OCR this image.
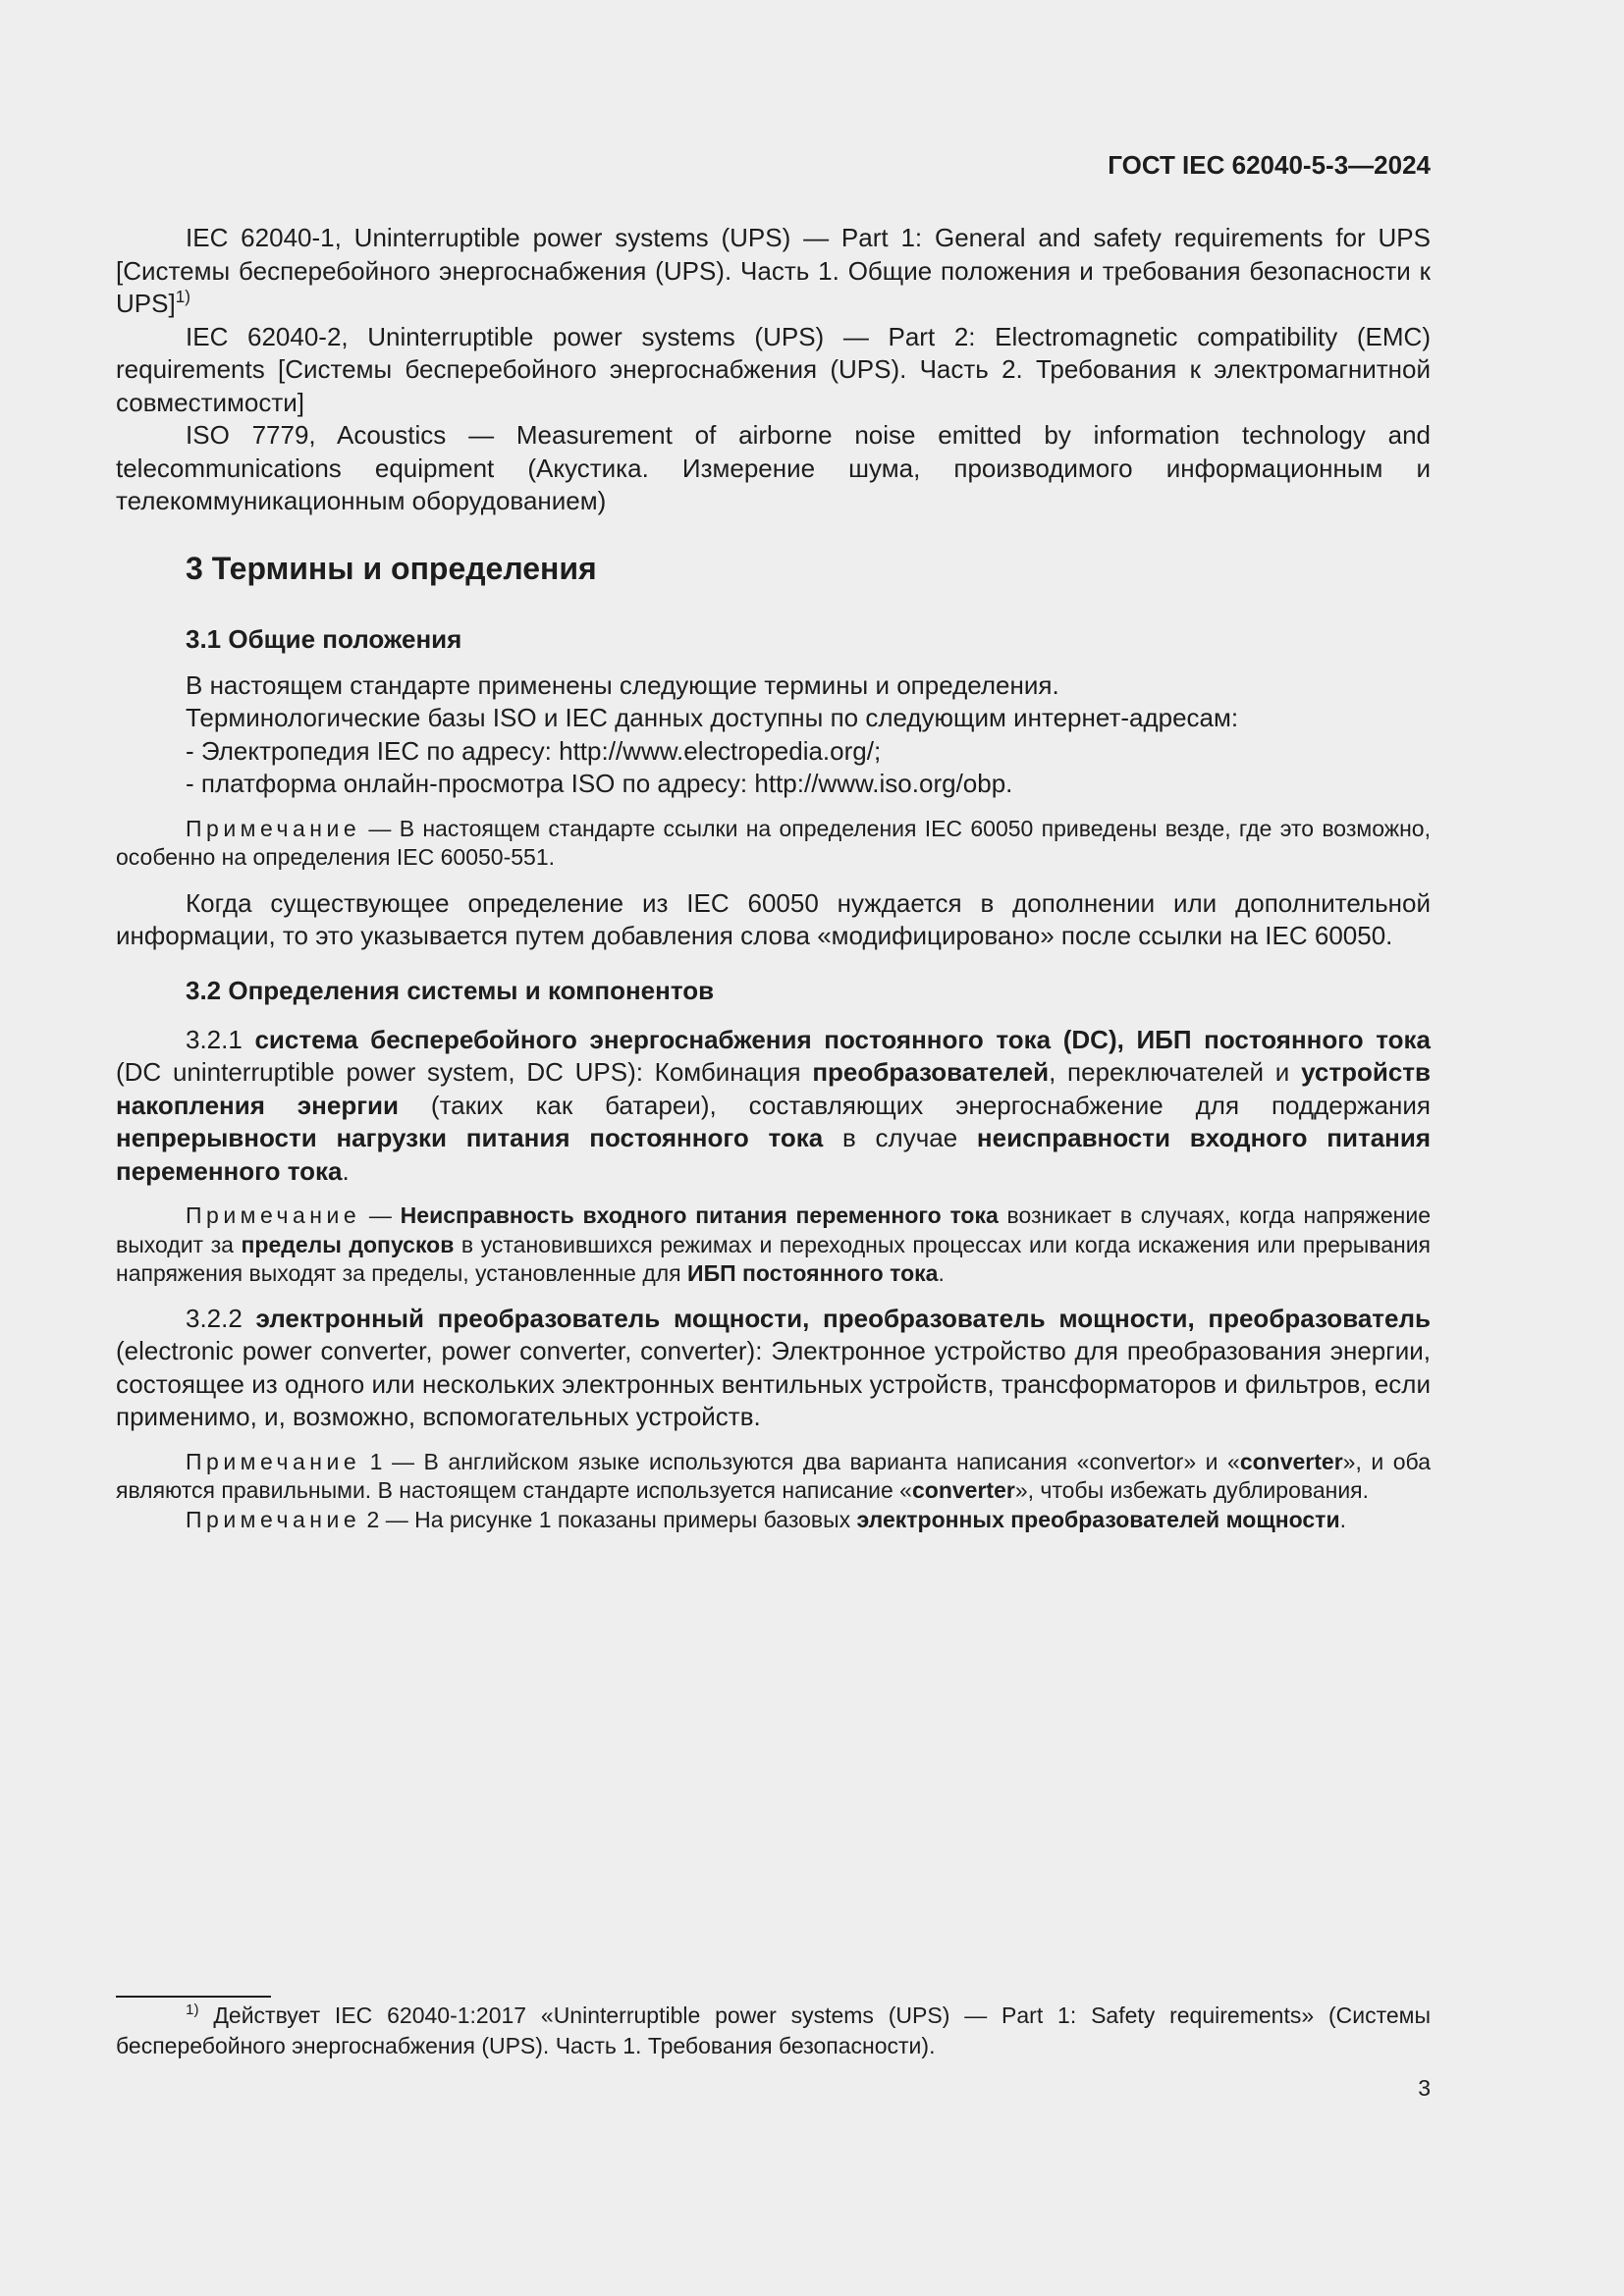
ГОСТ IEC 62040-5-3—2024

IEC 62040-1, Uninterruptible power systems (UPS) — Part 1: General and safety requirements for UPS [Системы бесперебойного энергоснабжения (UPS). Часть 1. Общие положения и требования безопасности к UPS]$^{1)}$

IEC 62040-2, Uninterruptible power systems (UPS) — Part 2: Electromagnetic compatibility (EMC) requirements [Системы бесперебойного энергоснабжения (UPS). Часть 2. Требования к электромагнитной совместимости]

ISO 7779, Acoustics — Measurement of airborne noise emitted by information technology and telecommunications equipment (Акустика. Измерение шума, производимого информационным и телекоммуникационным оборудованием)

3 Термины и определения
3.1 Общие положения

В настоящем стандарте применены следующие термины и определения.

Терминологические базы ISO и IEC данных доступны по следующим интернет-адресам:

- Электропедия IEC по адресу: http://www.electropedia.org/;

- платформа онлайн-просмотра ISO по адресу: http://www.iso.org/obp.

Примечание — В настоящем стандарте ссылки на определения IEC 60050 приведены везде, где это возможно, особенно на определения IEC 60050-551.

Когда существующее определение из IEC 60050 нуждается в дополнении или дополнительной информации, то это указывается путем добавления слова «модифицировано» после ссылки на IEC 60050.

3.2 Определения системы и компонентов

3.2.1 система бесперебойного энергоснабжения постоянного тока (DC), ИБП постоянного тока (DC uninterruptible power system, DC UPS): Комбинация преобразователей, переключателей и устройств накопления энергии (таких как батареи), составляющих энергоснабжение для поддержания непрерывности нагрузки питания постоянного тока в случае неисправности входного питания переменного тока.

Примечание — Неисправность входного питания переменного тока возникает в случаях, когда напряжение выходит за пределы допусков в установившихся режимах и переходных процессах или когда искажения или прерывания напряжения выходят за пределы, установленные для ИБП постоянного тока.

3.2.2 электронный преобразователь мощности, преобразователь мощности, преобразователь (electronic power converter, power converter, converter): Электронное устройство для преобразования энергии, состоящее из одного или нескольких электронных вентильных устройств, трансформаторов и фильтров, если применимо, и, возможно, вспомогательных устройств.

Примечание 1 — В английском языке используются два варианта написания «convertor» и «converter», и оба являются правильными. В настоящем стандарте используется написание «converter», чтобы избежать дублирования.

Примечание 2 — На рисунке 1 показаны примеры базовых электронных преобразователей мощности.

$^{1)}$ Действует IEC 62040-1:2017 «Uninterruptible power systems (UPS) — Part 1: Safety requirements» (Системы бесперебойного энергоснабжения (UPS). Часть 1. Требования безопасности).

3
